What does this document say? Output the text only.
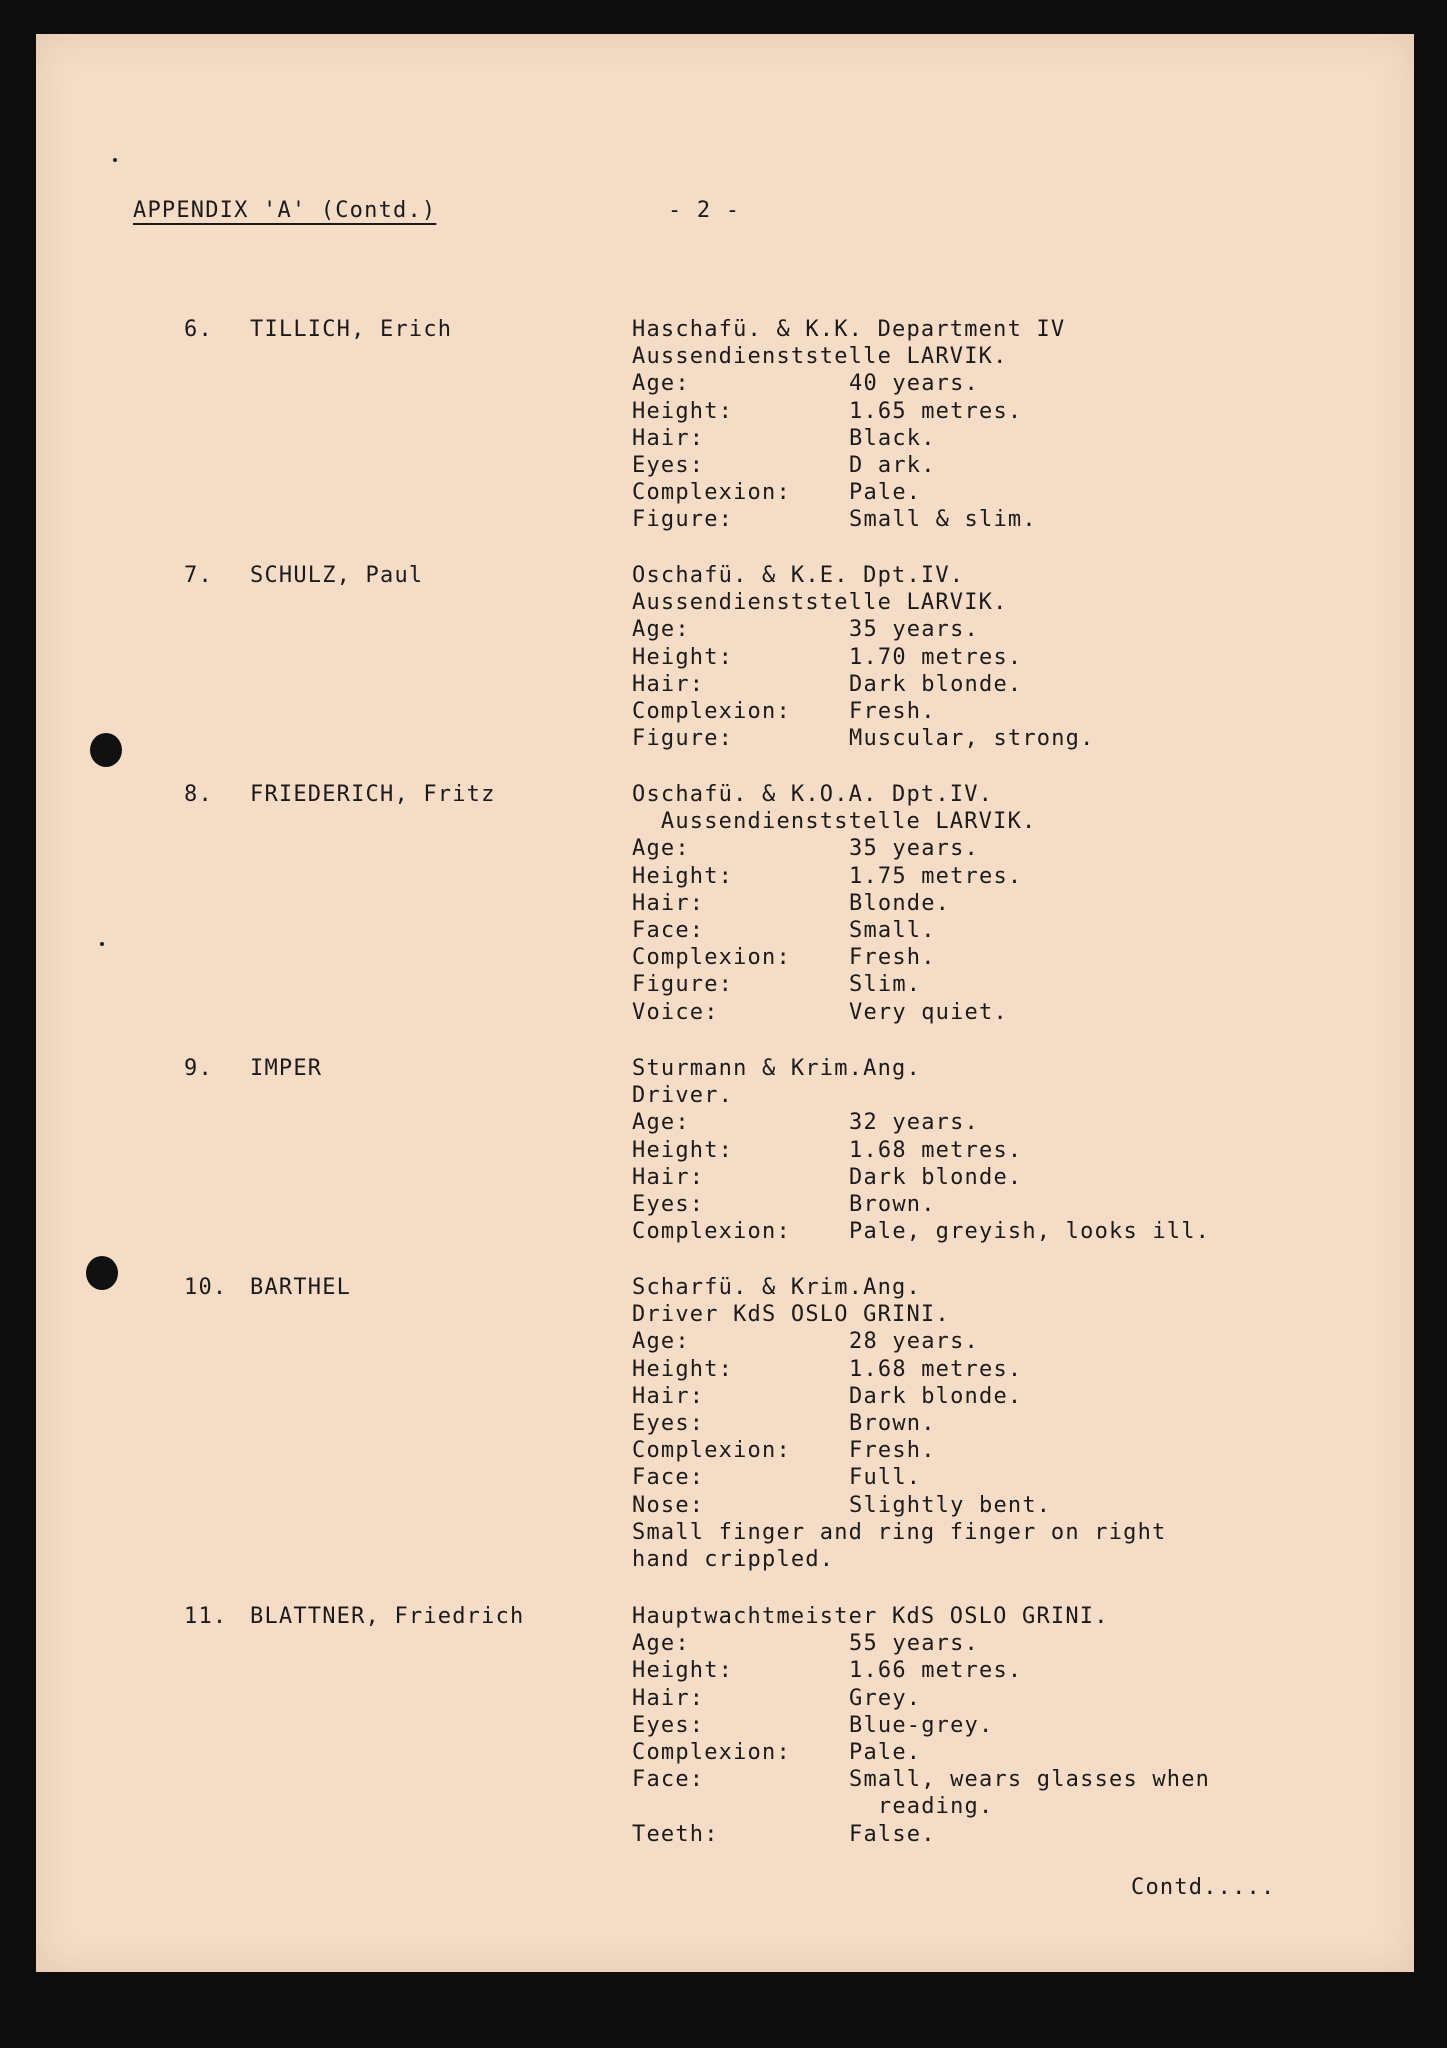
APPENDIX 'A' (Contd.)	- 2 -
6. TILLICH, Erich	Haschafü. & K.K. Department IV
Aussendienststelle LARVIK.
Age:	40 years.
Height:	1.65 metres.
Hair:	Black.
Eyes:	D ark.
Complexion:	Pale.
Figure:	Small & slim.
7. SCHULZ, Paul	Oschafü. & K.E. Dpt.IV.
Aussendienststelle LARVIK.
Age:	35 years.
Height:	1.70 metres.
Hair:	Dark blonde.
Complexion:	Fresh.
Figure:	Muscular, strong.
8. FRIEDERICH, Fritz	Oschafü. & K.O.A. Dpt.IV.
Aussendienststelle LARVIK.
Age:	35 years.
Height:	1.75 metres.
Hair:	Blonde.
Face:	Small.
Complexion:	Fresh.
Figure:	Slim.
Voice:	Very quiet.
9. IMPER	Sturmann & Krim.Ang.
Driver.
Age:	32 years.
Height:	1.68 metres.
Hair:	Dark blonde.
Eyes:	Brown.
Complexion:	Pale, greyish, looks ill.
10. BARTHEL	Scharfü. & Krim.Ang.
Driver KdS OSLO GRINI.
Age:	28 years.
Height:	1.68 metres.
Hair:	Dark blonde.
Eyes:	Brown.
Complexion:	Fresh.
Face:	Full.
Nose:	Slightly bent.
Small finger and ring finger on right
hand crippled.
11. BLATTNER, Friedrich	Hauptwachtmeister KdS OSLO GRINI.
Age:	55 years.
Height:	1.66 metres.
Hair:	Grey.
Eyes:	Blue-grey.
Complexion:	Pale.
Face:	Small, wears glasses when
reading.
Teeth:	False.
Contd.....
